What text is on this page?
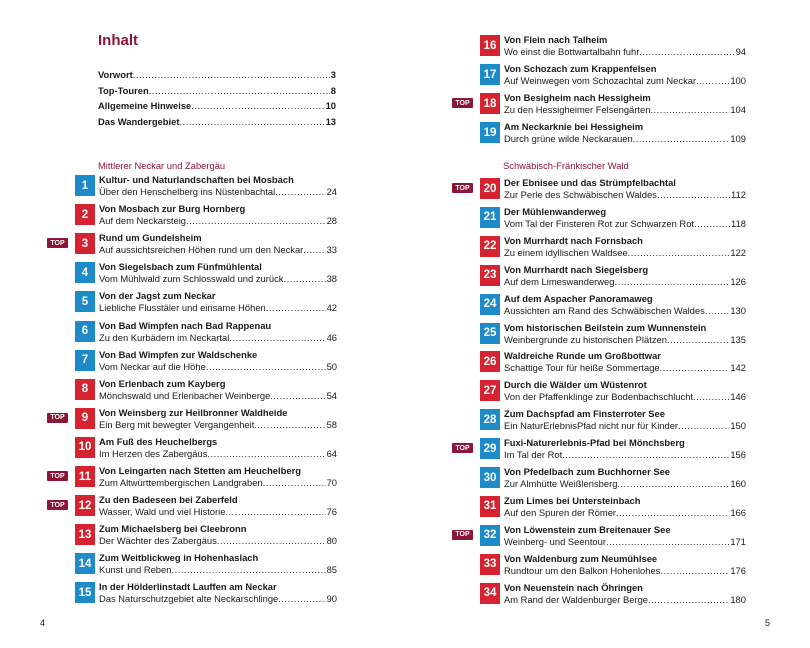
Inhalt
Vorwort .....	3
Top-Touren .....	8
Allgemeine Hinweise .....	10
Das Wandergebiet .....	13
Mittlerer Neckar und Zabergäu
1	Kultur- und Naturlandschaften bei Mosbach
Über den Henschelberg ins Nüstenbachtal .....	24
2	Von Mosbach zur Burg Hornberg
Auf dem Neckarsteig .....	28
TOP	3	Rund um Gundelsheim
Auf aussichtsreichen Höhen rund um den Neckar ..... 33
4	Von Siegelsbach zum Fünfmühlental
Vom Mühlwald zum Schlosswald und zurück .....	38
5	Von der Jagst zum Neckar
Liebliche Flusstäler und einsame Höhen .....	42
6	Von Bad Wimpfen nach Bad Rappenau
Zu den Kurbädern im Neckartal .....	46
7	Von Bad Wimpfen zur Waldschenke
Vom Neckar auf die Höhe .....	50
8	Von Erlenbach zum Kayberg
Mönchswald und Erlenbacher Weinberge .....	54
TOP	9	Von Weinsberg zur Heilbronner Waldheide
Ein Berg mit bewegter Vergangenheit .....	58
10 Am Fuß des Heuchelbergs
Im Herzen des Zabergäus .....	64
TOP	11 Von Leingarten nach Stetten am Heuchelberg
Zum Altwürttembergischen Landgraben .....	70
TOP	12 Zu den Badeseen bei Zaberfeld
Wasser, Wald und viel Historie .....	76
13 Zum Michaelsberg bei Cleebronn
Der Wächter des Zabergäus .....	80
14 Zum Weitblickweg in Hohenhaslach
Kunst und Reben .....	85
15 In der Hölderlinstadt Lauffen am Neckar
Das Naturschutzgebiet alte Neckarschlinge .....	90
4
16 Von Flein nach Talheim
Wo einst die Bottwartalbahn fuhr .....	94
17 Von Schozach zum Krappenfelsen
Auf Weinwegen vom Schozachtal zum Neckar .....	100
TOP	18 Von Besigheim nach Hessigheim
Zu den Hessigheimer Felsengärten .....	104
19 Am Neckarknie bei Hessigheim
Durch grüne wilde Neckarauen .....	109
Schwäbisch-Fränkischer Wald
TOP	20 Der Ebnisee und das Strümpfelbachtal
Zur Perle des Schwäbischen Waldes .....	112
21 Der Mühlenwanderweg
Vom Tal der Finsteren Rot zur Schwarzen Rot .....	118
22 Von Murrhardt nach Fornsbach
Zu einem idyllischen Waldsee .....	122
23 Von Murrhardt nach Siegelsberg
Auf dem Limeswanderweg .....	126
24 Auf dem Aspacher Panoramaweg
Aussichten am Rand des Schwäbischen Waldes .....	130
25 Vom historischen Beilstein zum Wunnenstein
Weinbergrunde zu historischen Plätzen .....	135
26 Waldreiche Runde um Großbottwar
Schattige Tour für heiße Sommertage .....	142
27 Durch die Wälder um Wüstenrot
Von der Pfaffenklinge zur Bodenbachschlucht .....	146
28 Zum Dachspfad am Finsterroter See
Ein NaturErlebnisPfad nicht nur für Kinder .....	150
TOP	29 Fuxi-Naturerlebnis-Pfad bei Mönchsberg
Im Tal der Rot .....	156
30 Von Pfedelbach zum Buchhorner See
Zur Almhütte Weißlensberg .....	160
31 Zum Limes bei Untersteinbach
Auf den Spuren der Römer .....	166
TOP	32 Von Löwenstein zum Breitenauer See
Weinberg- und Seentour .....	171
33 Von Waldenburg zum Neumühlsee
Rundtour um den Balkon Hohenlohes .....	176
34 Von Neuenstein nach Öhringen
Am Rand der Waldenburger Berge .....	180
5
